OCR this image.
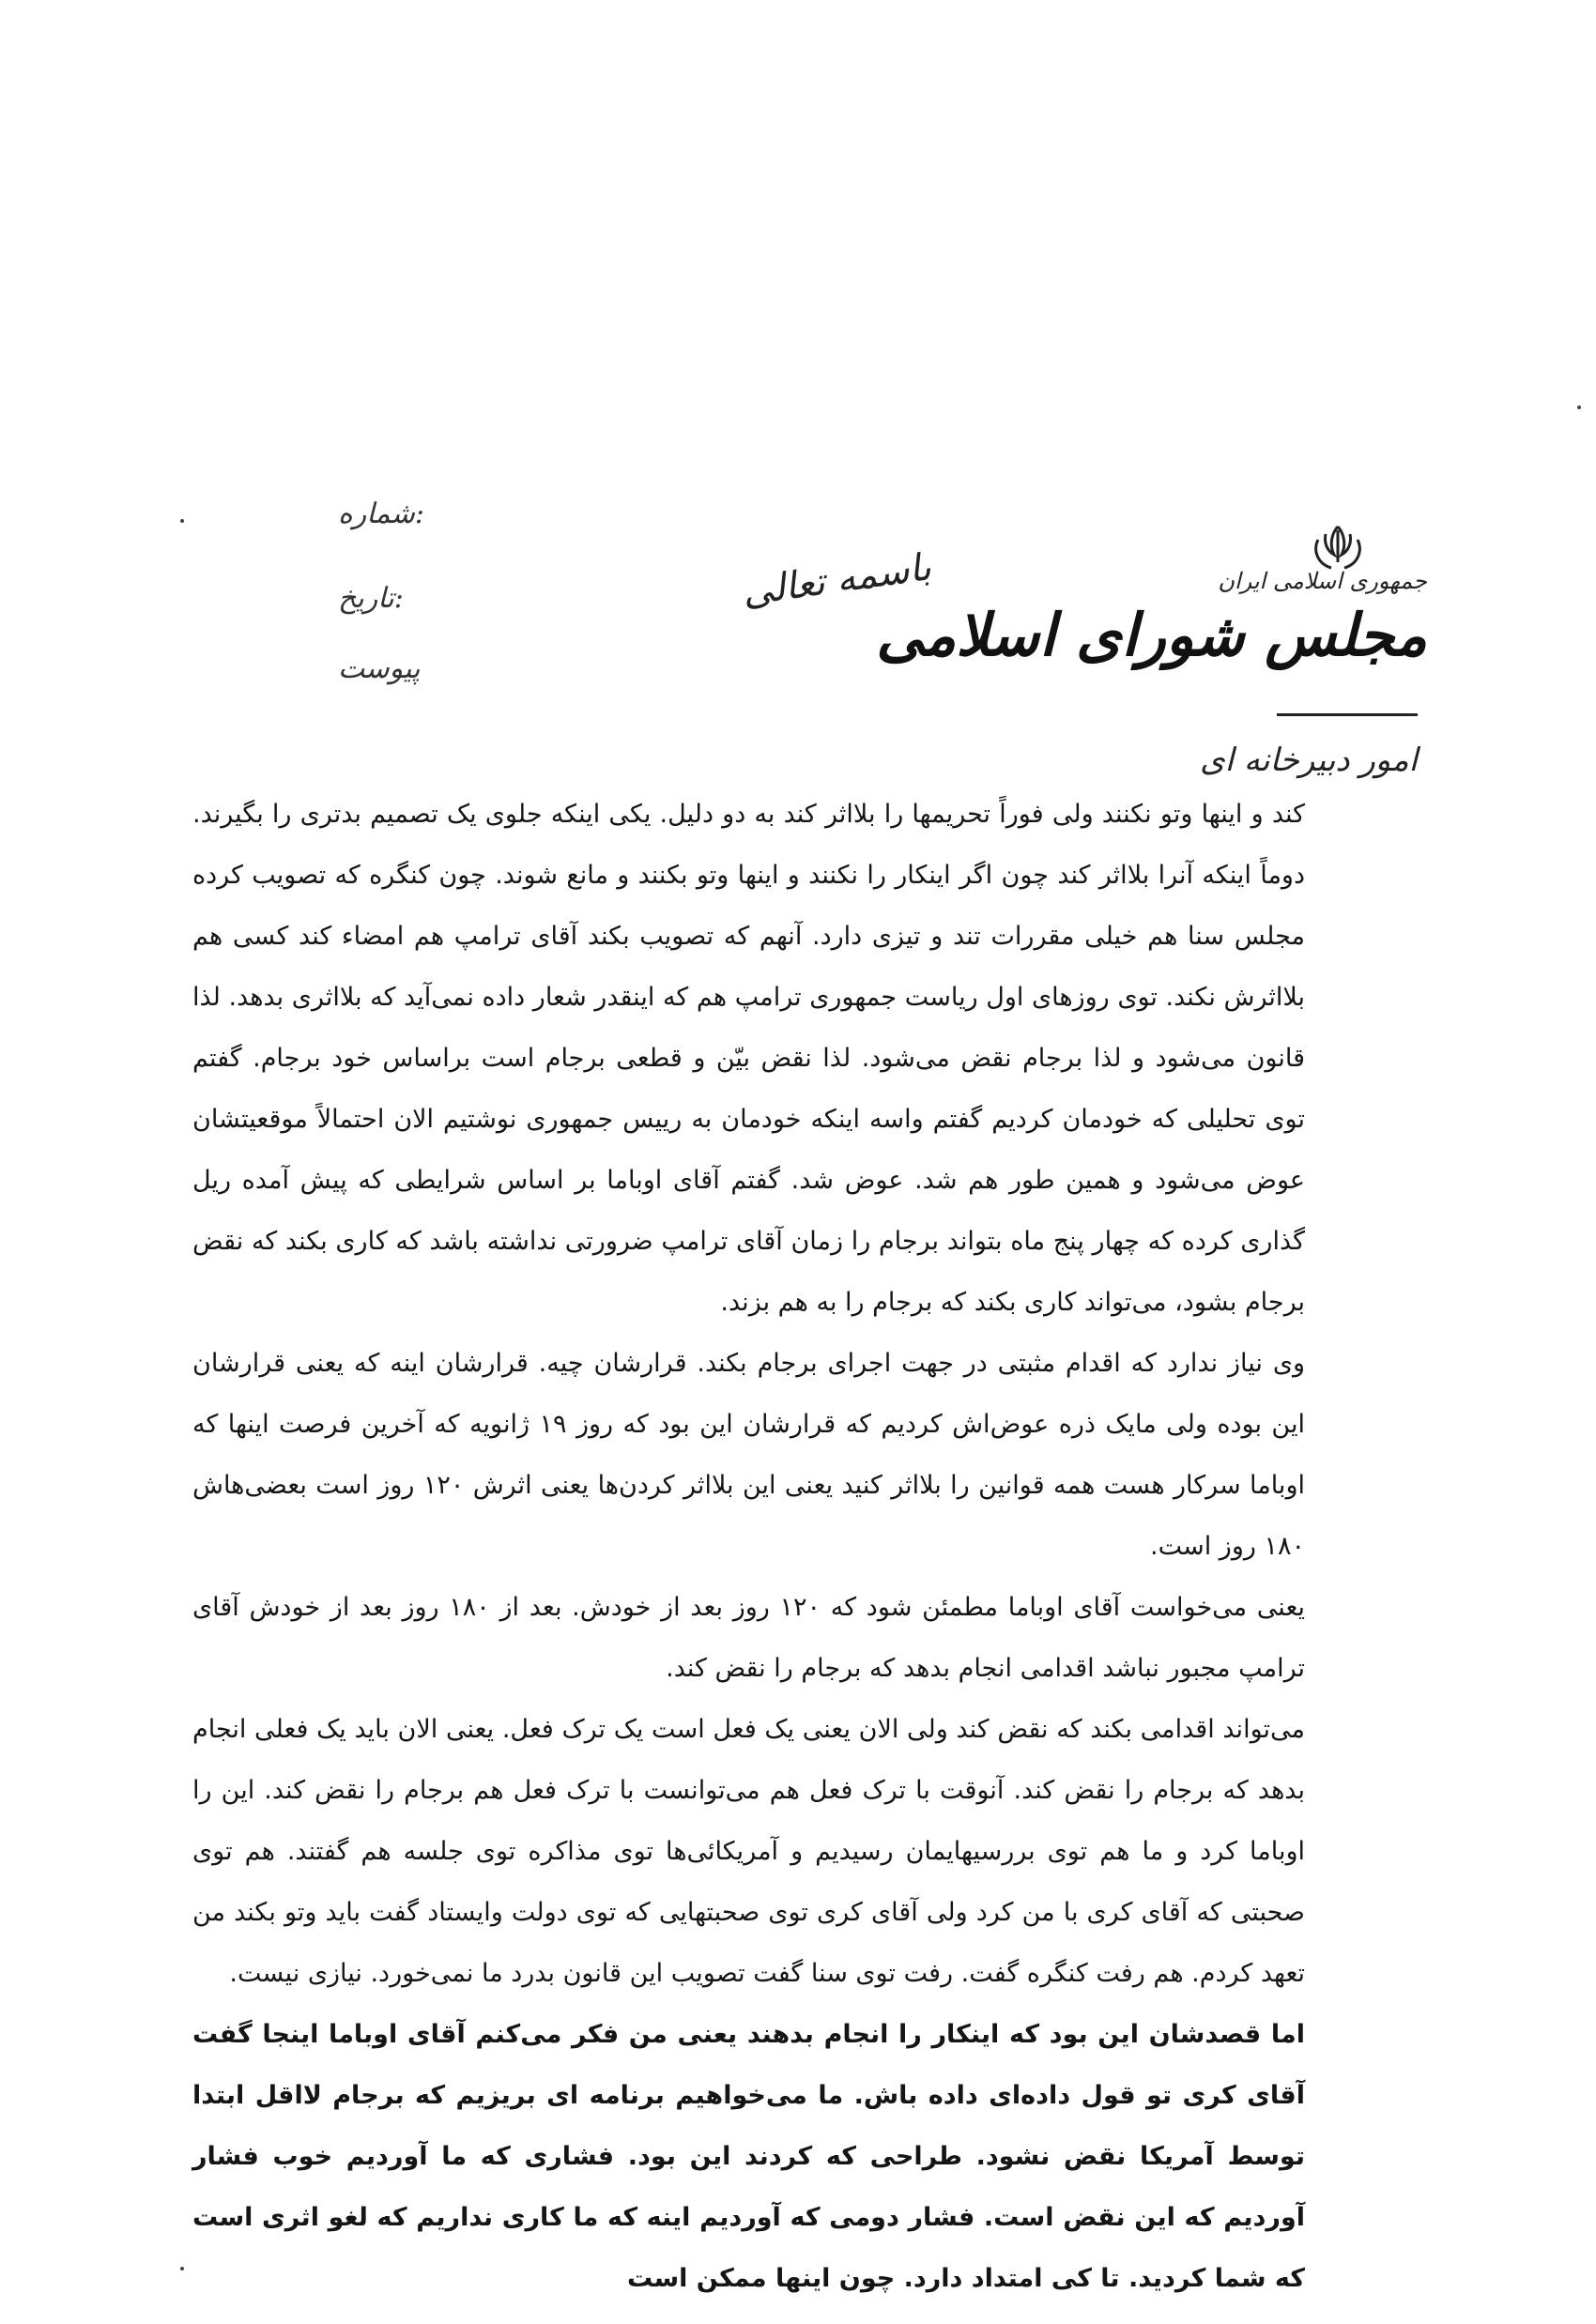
جمهوری اسلامی ایران
مجلس شورای اسلامی
امور دبیرخانه ای
باسمه تعالی
شماره:
تاریخ:
پیوست

کند و اینها وتو نکنند ولی فوراً تحریمها را بلااثر کند به دو دلیل. یکی اینکه جلوی یک تصمیم بدتری را بگیرند. دوماً اینکه آنرا بلااثر کند چون اگر اینکار را نکنند و اینها وتو بکنند و مانع شوند. چون کنگره که تصویب کرده مجلس سنا هم خیلی مقررات تند و تیزی دارد. آنهم که تصویب بکند آقای ترامپ هم امضاء کند کسی هم بلااثرش نکند. توی روزهای اول ریاست جمهوری ترامپ هم که اینقدر شعار داده نمی‌آید که بلااثری بدهد. لذا قانون می‌شود و لذا برجام نقض می‌شود. لذا نقض بیّن و قطعی برجام است براساس خود برجام. گفتم توی تحلیلی که خودمان کردیم گفتم واسه اینکه خودمان به رییس جمهوری نوشتیم الان احتمالاً موقعیتشان عوض می‌شود و همین طور هم شد. عوض شد. گفتم آقای اوباما بر اساس شرایطی که پیش آمده ریل گذاری کرده که چهار پنج ماه بتواند برجام را زمان آقای ترامپ ضرورتی نداشته باشد که کاری بکند که نقض برجام بشود، می‌تواند کاری بکند که برجام را به هم بزند.

وی نیاز ندارد که اقدام مثبتی در جهت اجرای برجام بکند. قرارشان چیه. قرارشان اینه که یعنی قرارشان این بوده ولی مایک ذره عوض‌اش کردیم که قرارشان این بود که روز ۱۹ ژانویه که آخرین فرصت اینها که اوباما سرکار هست همه قوانین را بلااثر کنید یعنی این بلااثر کردن‌ها یعنی اثرش ۱۲۰ روز است بعضی‌هاش ۱۸۰ روز است.

یعنی می‌خواست آقای اوباما مطمئن شود که ۱۲۰ روز بعد از خودش. بعد از ۱۸۰ روز بعد از خودش آقای ترامپ مجبور نباشد اقدامی انجام بدهد که برجام را نقض کند.

می‌تواند اقدامی بکند که نقض کند ولی الان یعنی یک فعل است یک ترک فعل. یعنی الان باید یک فعلی انجام بدهد که برجام را نقض کند. آنوقت با ترک فعل هم می‌توانست با ترک فعل هم برجام را نقض کند. این را اوباما کرد و ما هم توی بررسیهایمان رسیدیم و آمریکائی‌ها توی مذاکره توی جلسه هم گفتند. هم توی صحبتی که آقای کری با من کرد ولی آقای کری توی صحبتهایی که توی دولت وایستاد گفت باید وتو بکند من تعهد کردم. هم رفت کنگره گفت. رفت توی سنا گفت تصویب این قانون بدرد ما نمی‌خورد. نیازی نیست.

اما قصدشان این بود که اینکار را انجام بدهند یعنی من فکر می‌کنم آقای اوباما اینجا گفت آقای کری تو قول داده‌ای داده باش. ما می‌خواهیم برنامه ای بریزیم که برجام لااقل ابتدا توسط آمریکا نقض نشود. طراحی که کردند این بود. فشاری که ما آوردیم خوب فشار آوردیم که این نقض است. فشار دومی که آوردیم اینه که ما کاری نداریم که لغو اثری است که شما کردید. تا کی امتداد دارد. چون اینها ممکن است
